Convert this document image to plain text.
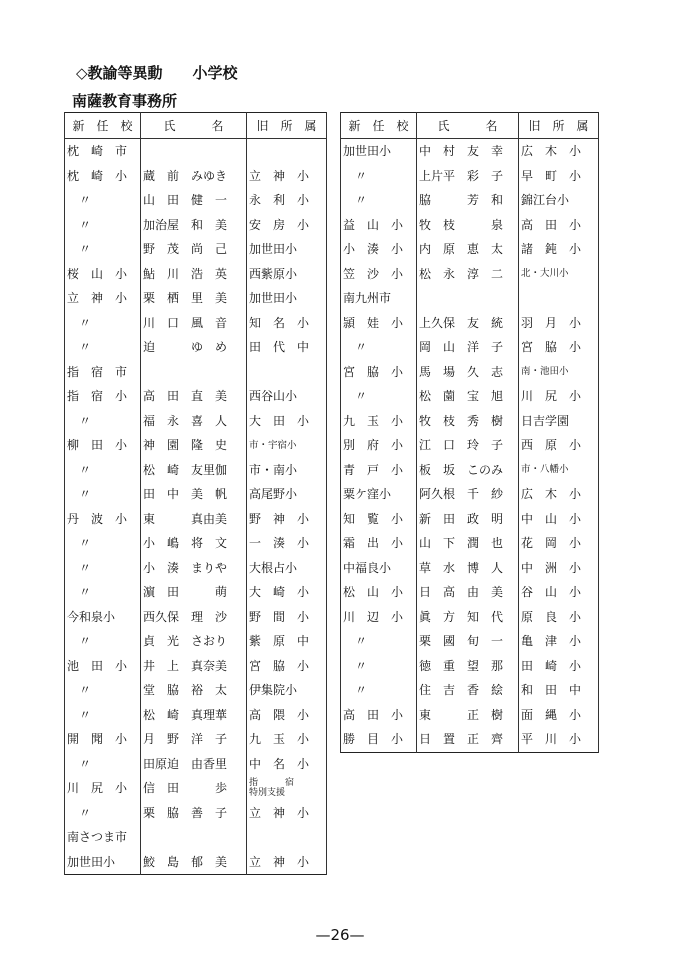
◇教諭等異動　　小学校
南薩教育事務所
新　任　校	氏　　　名	旧　所　属
枕　崎　市		
枕　崎　小	蔵　前　みゆき	立　神　小
　〃	山　田　健　一	永　利　小
　〃	加治屋　和　美	安　房　小
　〃	野　茂　尚　己	加世田小
桜　山　小	鮎　川　浩　英	西紫原小
立　神　小	栗　栖　里　美	加世田小
　〃	川　口　風　音	知　名　小
　〃	迫　　　ゆ　め	田　代　中
指　宿　市		
指　宿　小	高　田　直　美	西谷山小
　〃	福　永　喜　人	大　田　小
柳　田　小	神　園　隆　史	市・宇宿小
　〃	松　崎　友里伽	市・南小
　〃	田　中　美　帆	高尾野小
丹　波　小	東　　　真由美	野　神　小
　〃	小　嶋　将　文	一　湊　小
　〃	小　湊　まりや	大根占小
　〃	濵　田　　　萌	大　崎　小
今和泉小	西久保　理　沙	野　間　小
　〃	貞　光　さおり	紫　原　中
池　田　小	井　上　真奈美	宮　脇　小
　〃	堂　脇　裕　太	伊集院小
　〃	松　崎　真理華	高　隈　小
開　聞　小	月　野　洋　子	九　玉　小
　〃	田原迫　由香里	中　名　小
川　尻　小	信　田　　　歩	指　　　宿
特別支援
　〃	栗　脇　善　子	立　神　小
南さつま市		
加世田小	鮫　島　郁　美	立　神　小
新　任　校	氏　　　名	旧　所　属
加世田小	中　村　友　幸	広　木　小
　〃	上片平　彩　子	早　町　小
　〃	脇　　　芳　和	錦江台小
益　山　小	牧　枝　　　泉	高　田　小
小　湊　小	内　原　恵　太	諸　鈍　小
笠　沙　小	松　永　淳　二	北・大川小
南九州市		
頴　娃　小	上久保　友　統	羽　月　小
　〃	岡　山　洋　子	宮　脇　小
宮　脇　小	馬　場　久　志	南・池田小
　〃	松　薗　宝　旭	川　尻　小
九　玉　小	牧　枝　秀　樹	日吉学園
別　府　小	江　口　玲　子	西　原　小
青　戸　小	板　坂　このみ	市・八幡小
粟ケ窪小	阿久根　千　紗	広　木　小
知　覧　小	新　田　政　明	中　山　小
霜　出　小	山　下　潤　也	花　岡　小
中福良小	草　水　博　人	中　洲　小
松　山　小	日　高　由　美	谷　山　小
川　辺　小	眞　方　知　代	原　良　小
　〃	栗　國　旬　一	亀　津　小
　〃	徳　重　望　那	田　崎　小
　〃	住　吉　香　絵	和　田　中
高　田　小	東　　　正　樹	面　縄　小
勝　目　小	日　置　正　齊	平　川　小
—26—
